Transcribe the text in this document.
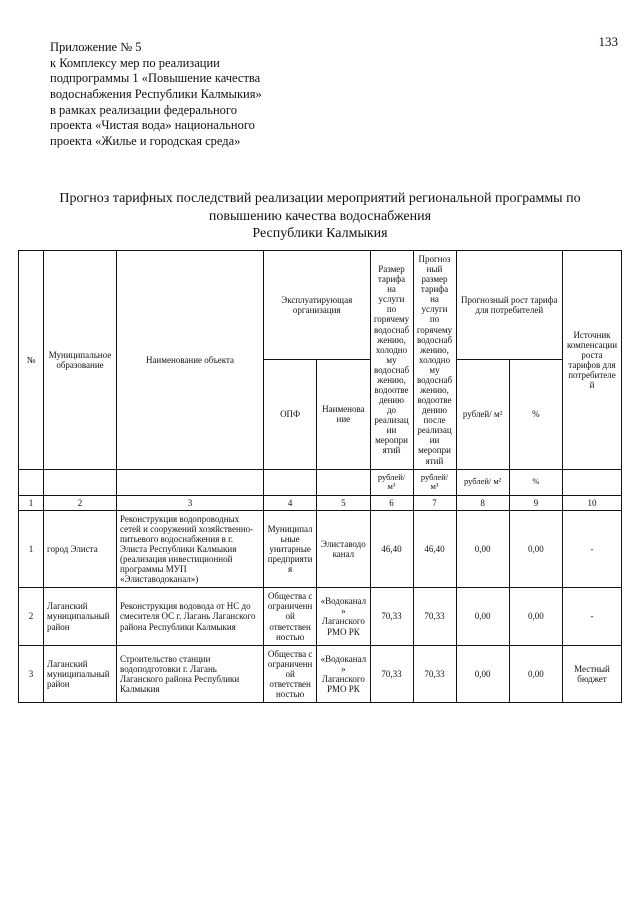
133
Приложение № 5
к Комплексу мер по реализации
подпрограммы 1 «Повышение качества
водоснабжения Республики Калмыкия»
в рамках реализации федерального
проекта «Чистая вода» национального
проекта «Жилье и городская среда»
Прогноз тарифных последствий реализации мероприятий региональной программы по повышению качества водоснабжения
Республики Калмыкия
№	Муниципальное образование	Наименование объекта	Эксплуатирующая организация		Размер тарифа на услуги по горячему водоснабжению, холодному водоснабжению, водоотведению до реализации мероприятий	Прогнозный размер тарифа на услуги по горячему водоснабжению, холодному водоснабжению, водоотведению после реализации мероприятий	Прогнозный рост тарифа для потребителей		Источник компенсации роста тарифов для потребителей
			ОПФ	Наименование			рублей/ м²	%	
					рублей/ м³	рублей/ м³	рублей/ м²	%	
1	2	3	4	5	6	7	8	9	10
1	город Элиста	Реконструкция водопроводных сетей и сооружений хозяйственно-питьевого водоснабжения в г. Элиста Республики Калмыкия (реализация инвестиционной программы МУП «Элиставодоканал»)	Муниципальные унитарные предприятия	Элиставодоканал	46,40	46,40	0,00	0,00	-
2	Лаганский муниципальный район	Реконструкция водовода от НС до смесителя ОС г. Лагань Лаганского района Республики Калмыкия	Общества с ограниченной ответственностью	«Водоканал» Лаганского РМО РК	70,33	70,33	0,00	0,00	-
3	Лаганский муниципальный район	Строительство станции водоподготовки г. Лагань Лаганского района Республики Калмыкия	Общества с ограниченной ответственностью	«Водоканал» Лаганского РМО РК	70,33	70,33	0,00	0,00	Местный бюджет
